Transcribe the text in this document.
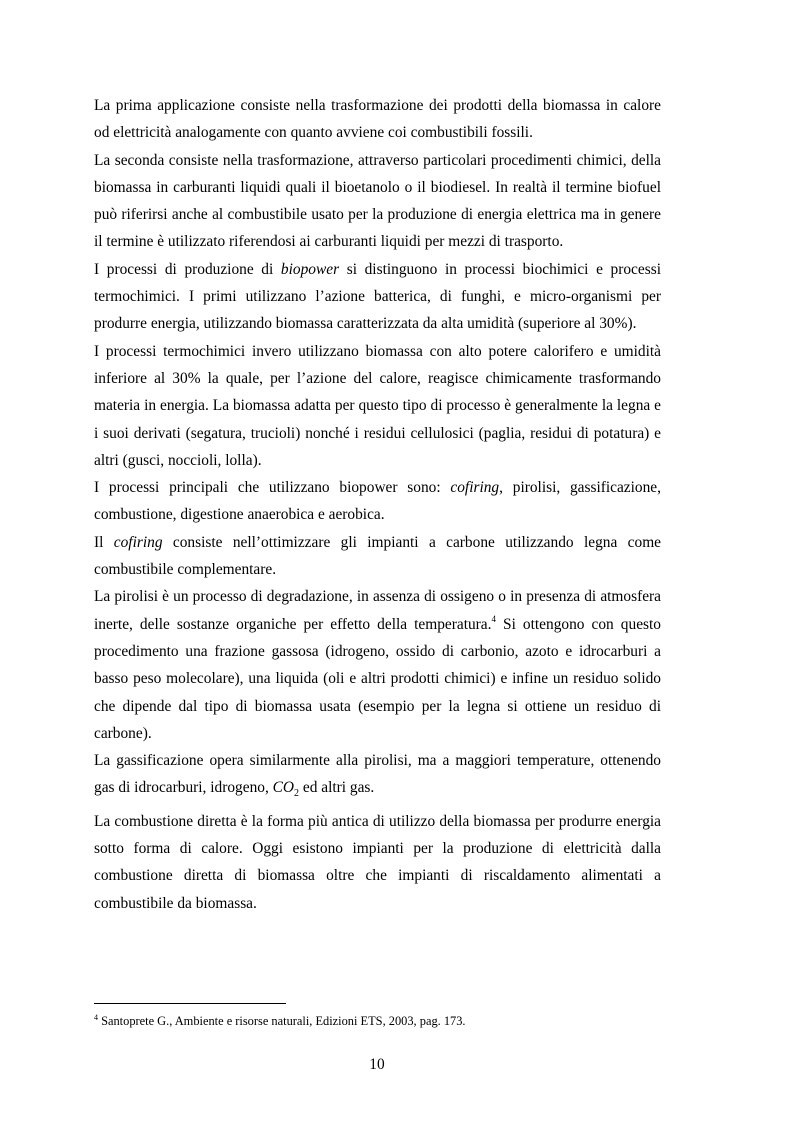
La prima applicazione consiste nella trasformazione dei prodotti della biomassa in calore od elettricità analogamente con quanto avviene coi combustibili fossili.

La seconda consiste nella trasformazione, attraverso particolari procedimenti chimici, della biomassa in carburanti liquidi quali il bioetanolo o il biodiesel. In realtà il termine biofuel può riferirsi anche al combustibile usato per la produzione di energia elettrica ma in genere il termine è utilizzato riferendosi ai carburanti liquidi per mezzi di trasporto.

I processi di produzione di biopower si distinguono in processi biochimici e processi termochimici. I primi utilizzano l’azione batterica, di funghi, e micro-organismi per produrre energia, utilizzando biomassa caratterizzata da alta umidità (superiore al 30%).

I processi termochimici invero utilizzano biomassa con alto potere calorifero e umidità inferiore al 30% la quale, per l’azione del calore, reagisce chimicamente trasformando materia in energia. La biomassa adatta per questo tipo di processo è generalmente la legna e i suoi derivati (segatura, trucioli) nonché i residui cellulosici (paglia, residui di potatura) e altri (gusci, noccioli, lolla).

I processi principali che utilizzano biopower sono: cofiring, pirolisi, gassificazione, combustione, digestione anaerobica e aerobica.

Il cofiring consiste nell’ottimizzare gli impianti a carbone utilizzando legna come combustibile complementare.

La pirolisi è un processo di degradazione, in assenza di ossigeno o in presenza di atmosfera inerte, delle sostanze organiche per effetto della temperatura.$^4$ Si ottengono con questo procedimento una frazione gassosa (idrogeno, ossido di carbonio, azoto e idrocarburi a basso peso molecolare), una liquida (oli e altri prodotti chimici) e infine un residuo solido che dipende dal tipo di biomassa usata (esempio per la legna si ottiene un residuo di carbone).

La gassificazione opera similarmente alla pirolisi, ma a maggiori temperature, ottenendo gas di idrocarburi, idrogeno, $CO_2$ ed altri gas.

La combustione diretta è la forma più antica di utilizzo della biomassa per produrre energia sotto forma di calore. Oggi esistono impianti per la produzione di elettricità dalla combustione diretta di biomassa oltre che impianti di riscaldamento alimentati a combustibile da biomassa.

$^4$ Santoprete G., Ambiente e risorse naturali, Edizioni ETS, 2003, pag. 173.
10
